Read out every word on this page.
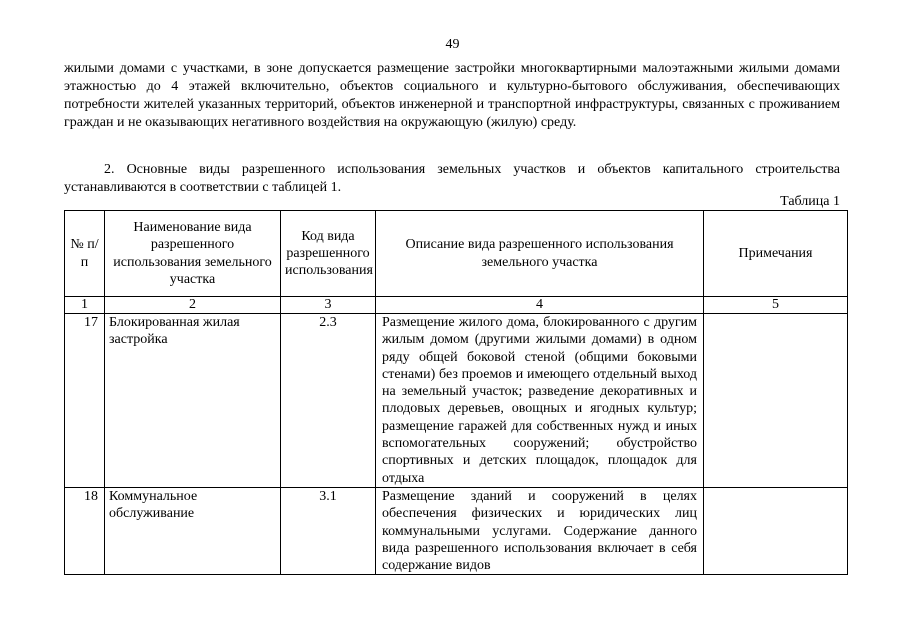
49

жилыми домами с участками, в зоне допускается размещение застройки многоквартирными малоэтажными жилыми домами этажностью до 4 этажей включительно, объектов социального и культурно-бытового обслуживания, обеспечивающих потребности жителей указанных территорий, объектов инженерной и транспортной инфраструктуры, связанных с проживанием граждан и не оказывающих негативного воздействия на окружающую (жилую) среду.

2. Основные виды разрешенного использования земельных участков и объектов капитального строительства устанавливаются в соответствии с таблицей 1.

Таблица 1
№ п/п	Наименование вида разрешенного использования земельного участка	Код вида разрешенного использования	Описание вида разрешенного использования земельного участка	Примечания
1	2	3	4	5
17	Блокированная жилая застройка	2.3	Размещение жилого дома, блокированного с другим жилым домом (другими жилыми домами) в одном ряду общей боковой стеной (общими боковыми стенами) без проемов и имеющего отдельный выход на земельный участок; разведение декоративных и плодовых деревьев, овощных и ягодных культур; размещение гаражей для собственных нужд и иных вспомогательных сооружений; обустройство спортивных и детских площадок, площадок для отдыха	
18	Коммунальное обслуживание	3.1	Размещение зданий и сооружений в целях обеспечения физических и юридических лиц коммунальными услугами. Содержание данного вида разрешенного использования включает в себя содержание видов	
